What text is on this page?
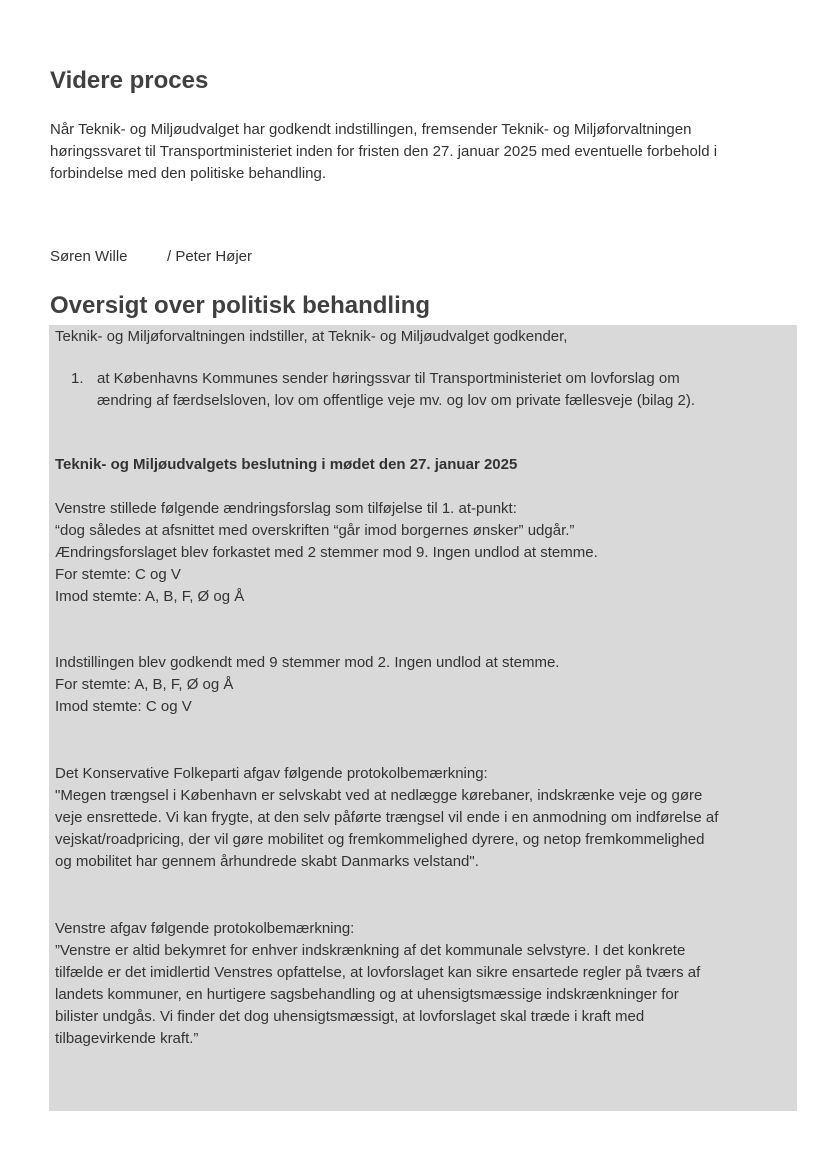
Videre proces
Når Teknik- og Miljøudvalget har godkendt indstillingen, fremsender Teknik- og Miljøforvaltningen
høringssvaret til Transportministeriet inden for fristen den 27. januar 2025 med eventuelle forbehold i
forbindelse med den politiske behandling.
Søren Wille	/ Peter Højer
Oversigt over politisk behandling
Teknik- og Miljøforvaltningen indstiller, at Teknik- og Miljøudvalget godkender,
1. at Københavns Kommunes sender høringssvar til Transportministeriet om lovforslag om
ændring af færdselsloven, lov om offentlige veje mv. og lov om private fællesveje (bilag 2).
Teknik- og Miljøudvalgets beslutning i mødet den 27. januar 2025
Venstre stillede følgende ændringsforslag som tilføjelse til 1. at-punkt:
“dog således at afsnittet med overskriften “går imod borgernes ønsker” udgår.”
Ændringsforslaget blev forkastet med 2 stemmer mod 9. Ingen undlod at stemme.
For stemte: C og V
Imod stemte: A, B, F, Ø og Å
Indstillingen blev godkendt med 9 stemmer mod 2. Ingen undlod at stemme.
For stemte: A, B, F, Ø og Å
Imod stemte: C og V
Det Konservative Folkeparti afgav følgende protokolbemærkning:
"Megen trængsel i København er selvskabt ved at nedlægge kørebaner, indskrænke veje og gøre
veje ensrettede. Vi kan frygte, at den selv påførte trængsel vil ende i en anmodning om indførelse af
vejskat/roadpricing, der vil gøre mobilitet og fremkommelighed dyrere, og netop fremkommelighed
og mobilitet har gennem århundrede skabt Danmarks velstand".
Venstre afgav følgende protokolbemærkning:
”Venstre er altid bekymret for enhver indskrænkning af det kommunale selvstyre. I det konkrete
tilfælde er det imidlertid Venstres opfattelse, at lovforslaget kan sikre ensartede regler på tværs af
landets kommuner, en hurtigere sagsbehandling og at uhensigtsmæssige indskrænkninger for
bilister undgås. Vi finder det dog uhensigtsmæssigt, at lovforslaget skal træde i kraft med
tilbagevirkende kraft.”
